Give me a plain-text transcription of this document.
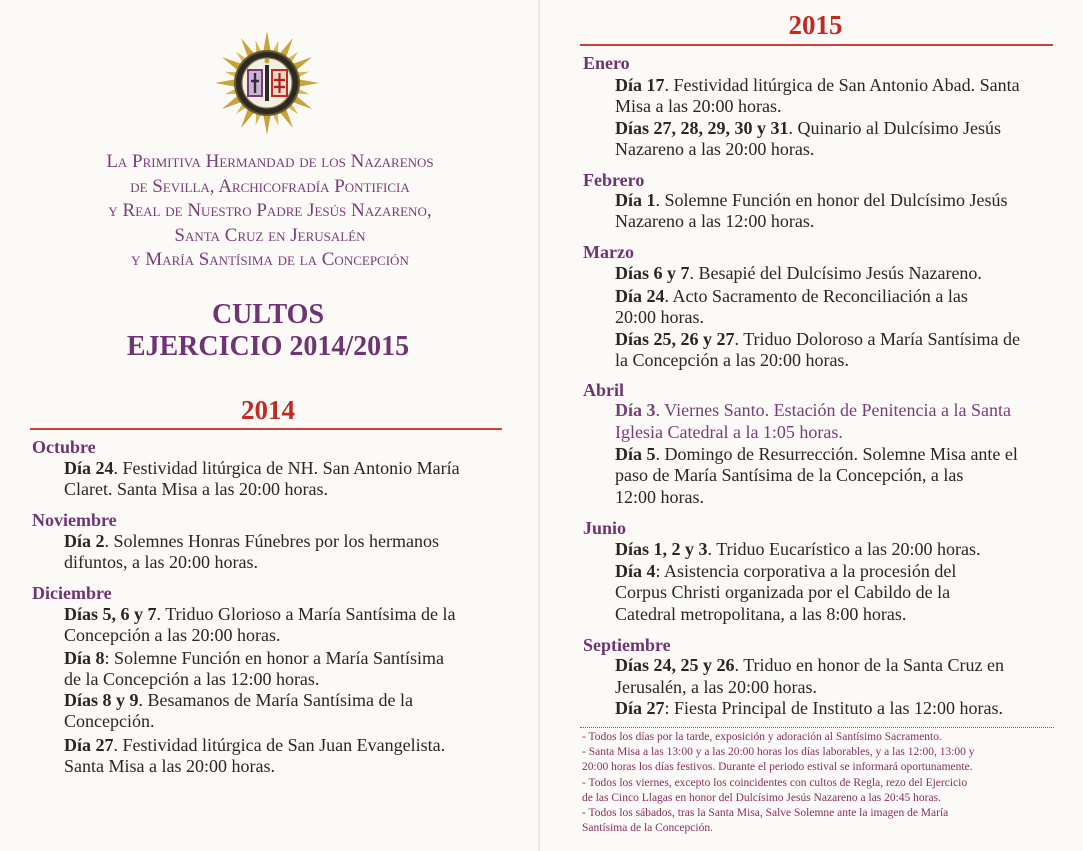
La Primitiva Hermandad de los Nazarenos
de Sevilla, Archicofradía Pontificia
y Real de Nuestro Padre Jesús Nazareno,
Santa Cruz en Jerusalén
y María Santísima de la Concepción
CULTOS
EJERCICIO 2014/2015
2014
2015
Octubre
Día 24. Festividad litúrgica de NH. San Antonio María
Claret. Santa Misa a las 20:00 horas.
Noviembre
Día 2. Solemnes Honras Fúnebres por los hermanos
difuntos, a las 20:00 horas.
Diciembre
Días 5, 6 y 7. Triduo Glorioso a María Santísima de la
Concepción a las 20:00 horas.
Día 8: Solemne Función en honor a María Santísima
de la Concepción a las 12:00 horas.
Días 8 y 9. Besamanos de María Santísima de la
Concepción.
Día 27. Festividad litúrgica de San Juan Evangelista.
Santa Misa a las 20:00 horas.
Enero
Día 17. Festividad litúrgica de San Antonio Abad. Santa
Misa a las 20:00 horas.
Días 27, 28, 29, 30 y 31. Quinario al Dulcísimo Jesús
Nazareno a las 20:00 horas.
Febrero
Día 1. Solemne Función en honor del Dulcísimo Jesús
Nazareno a las 12:00 horas.
Marzo
Días 6 y 7. Besapié del Dulcísimo Jesús Nazareno.
Día 24. Acto Sacramento de Reconciliación a las
20:00 horas.
Días 25, 26 y 27. Triduo Doloroso a María Santísima de
la Concepción a las 20:00 horas.
Abril
Día 3. Viernes Santo. Estación de Penitencia a la Santa
Iglesia Catedral a la 1:05 horas.
Día 5. Domingo de Resurrección. Solemne Misa ante el
paso de María Santísima de la Concepción, a las
12:00 horas.
Junio
Días 1, 2 y 3. Triduo Eucarístico a las 20:00 horas.
Día 4: Asistencia corporativa a la procesión del
Corpus Christi organizada por el Cabildo de la
Catedral metropolitana, a las 8:00 horas.
Septiembre
Días 24, 25 y 26. Triduo en honor de la Santa Cruz en
Jerusalén, a las 20:00 horas.
Día 27: Fiesta Principal de Instituto a las 12:00 horas.
- Todos los días por la tarde, exposición y adoración al Santísimo Sacramento.
- Santa Misa a las 13:00 y a las 20:00 horas los días laborables, y a las 12:00, 13:00 y
20:00 horas los días festivos. Durante el periodo estival se informará oportunamente.
- Todos los viernes, excepto los coincidentes con cultos de Regla, rezo del Ejercicio
de las Cinco Llagas en honor del Dulcísimo Jesús Nazareno a las 20:45 horas.
- Todos los sábados, tras la Santa Misa, Salve Solemne ante la imagen de María
Santísima de la Concepción.
